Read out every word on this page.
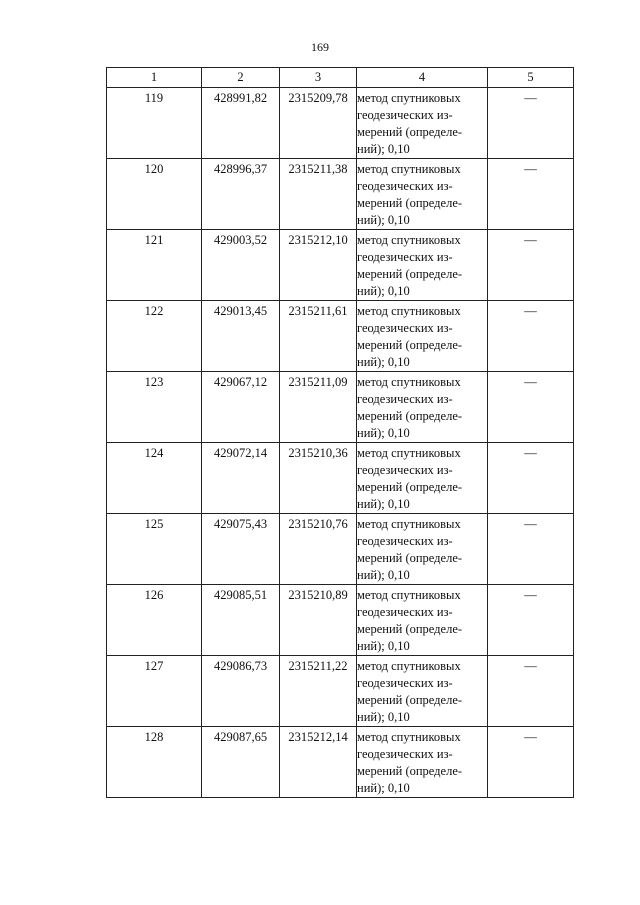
169
1	2	3	4	5
119	428991,82	2315209,78	метод спутниковых
геодезических из-
мерений (определе-
ний); 0,10	—
120	428996,37	2315211,38	метод спутниковых
геодезических из-
мерений (определе-
ний); 0,10	—
121	429003,52	2315212,10	метод спутниковых
геодезических из-
мерений (определе-
ний); 0,10	—
122	429013,45	2315211,61	метод спутниковых
геодезических из-
мерений (определе-
ний); 0,10	—
123	429067,12	2315211,09	метод спутниковых
геодезических из-
мерений (определе-
ний); 0,10	—
124	429072,14	2315210,36	метод спутниковых
геодезических из-
мерений (определе-
ний); 0,10	—
125	429075,43	2315210,76	метод спутниковых
геодезических из-
мерений (определе-
ний); 0,10	—
126	429085,51	2315210,89	метод спутниковых
геодезических из-
мерений (определе-
ний); 0,10	—
127	429086,73	2315211,22	метод спутниковых
геодезических из-
мерений (определе-
ний); 0,10	—
128	429087,65	2315212,14	метод спутниковых
геодезических из-
мерений (определе-
ний); 0,10	—
